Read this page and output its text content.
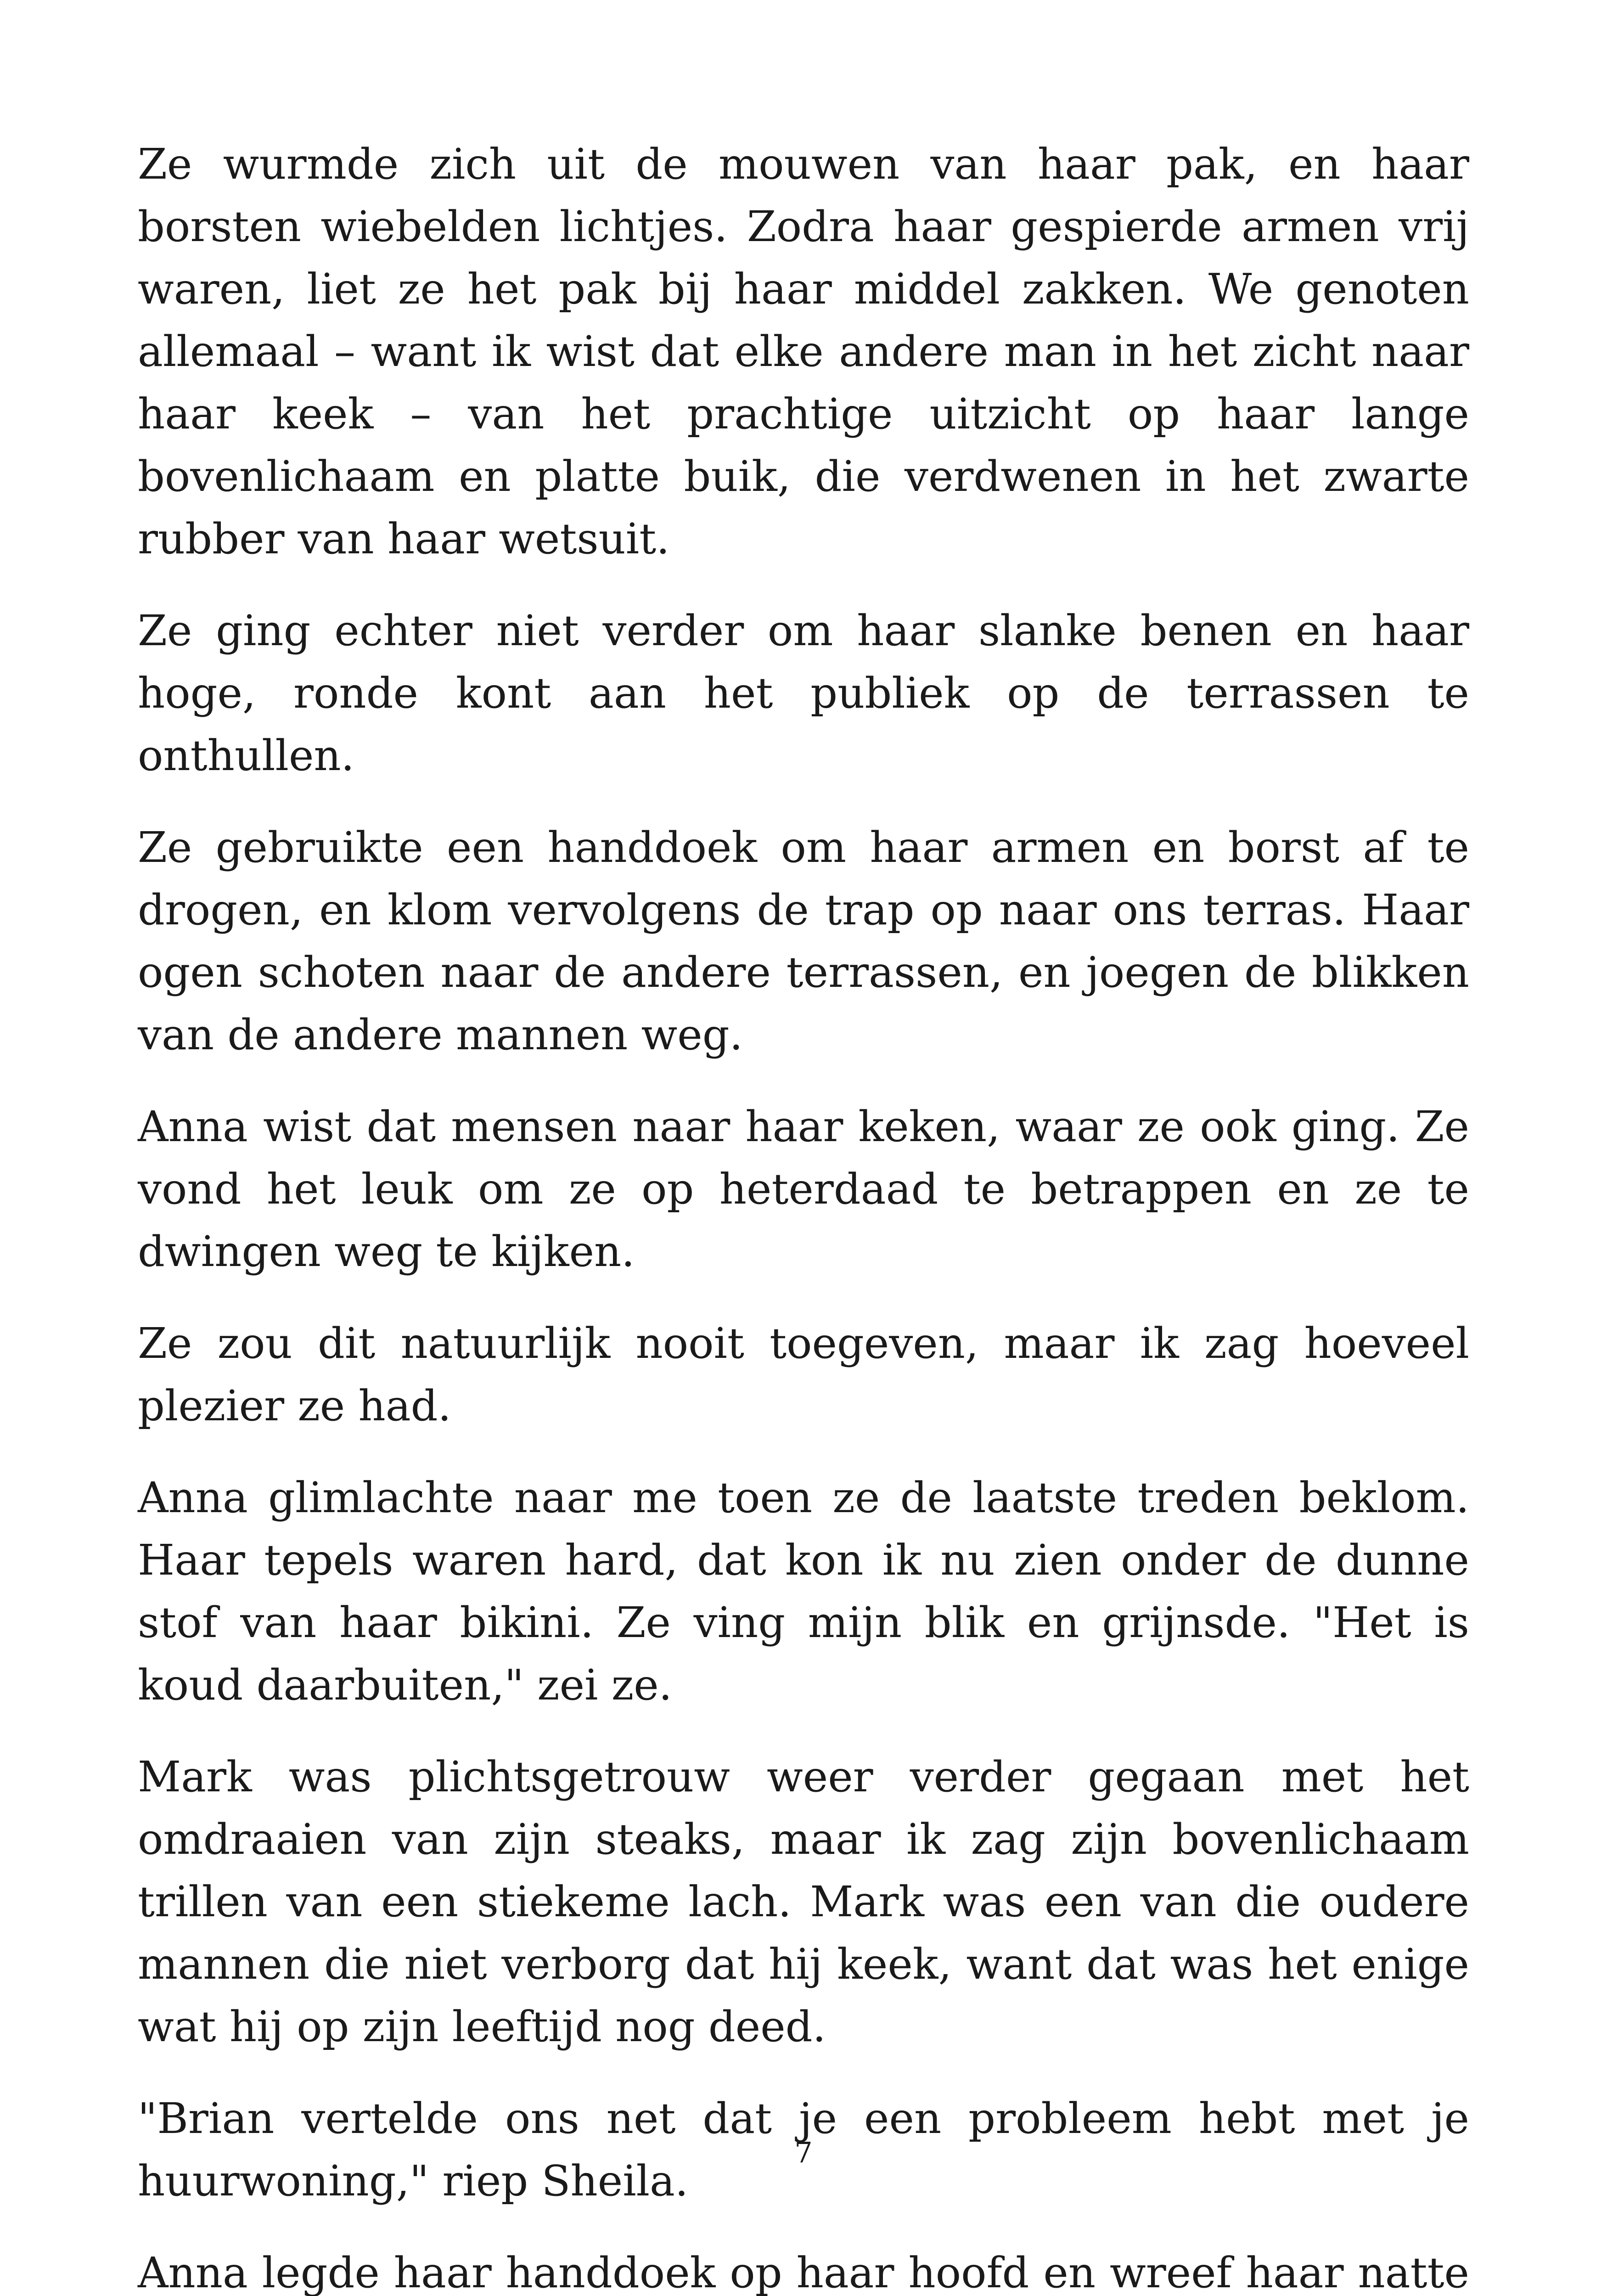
Ze wurmde zich uit de mouwen van haar pak, en haar borsten wiebelden lichtjes. Zodra haar gespierde armen vrij waren, liet ze het pak bij haar middel zakken. We genoten allemaal – want ik wist dat elke andere man in het zicht naar haar keek – van het prachtige uitzicht op haar lange bovenlichaam en platte buik, die verdwenen in het zwarte rubber van haar wetsuit.

Ze ging echter niet verder om haar slanke benen en haar hoge, ronde kont aan het publiek op de terrassen te onthullen.

Ze gebruikte een handdoek om haar armen en borst af te drogen, en klom vervolgens de trap op naar ons terras. Haar ogen schoten naar de andere terrassen, en joegen de blikken van de andere mannen weg.

Anna wist dat mensen naar haar keken, waar ze ook ging. Ze vond het leuk om ze op heterdaad te betrappen en ze te dwingen weg te kijken.

Ze zou dit natuurlijk nooit toegeven, maar ik zag hoeveel plezier ze had.

Anna glimlachte naar me toen ze de laatste treden beklom. Haar tepels waren hard, dat kon ik nu zien onder de dunne stof van haar bikini. Ze ving mijn blik en grijnsde. "Het is koud daarbuiten," zei ze.

Mark was plichtsgetrouw weer verder gegaan met het omdraaien van zijn steaks, maar ik zag zijn bovenlichaam trillen van een stiekeme lach. Mark was een van die oudere mannen die niet verborg dat hij keek, want dat was het enige wat hij op zijn leeftijd nog deed.

"Brian vertelde ons net dat je een probleem hebt met je huurwoning," riep Sheila.

Anna legde haar handdoek op haar hoofd en wreef haar natte

7
